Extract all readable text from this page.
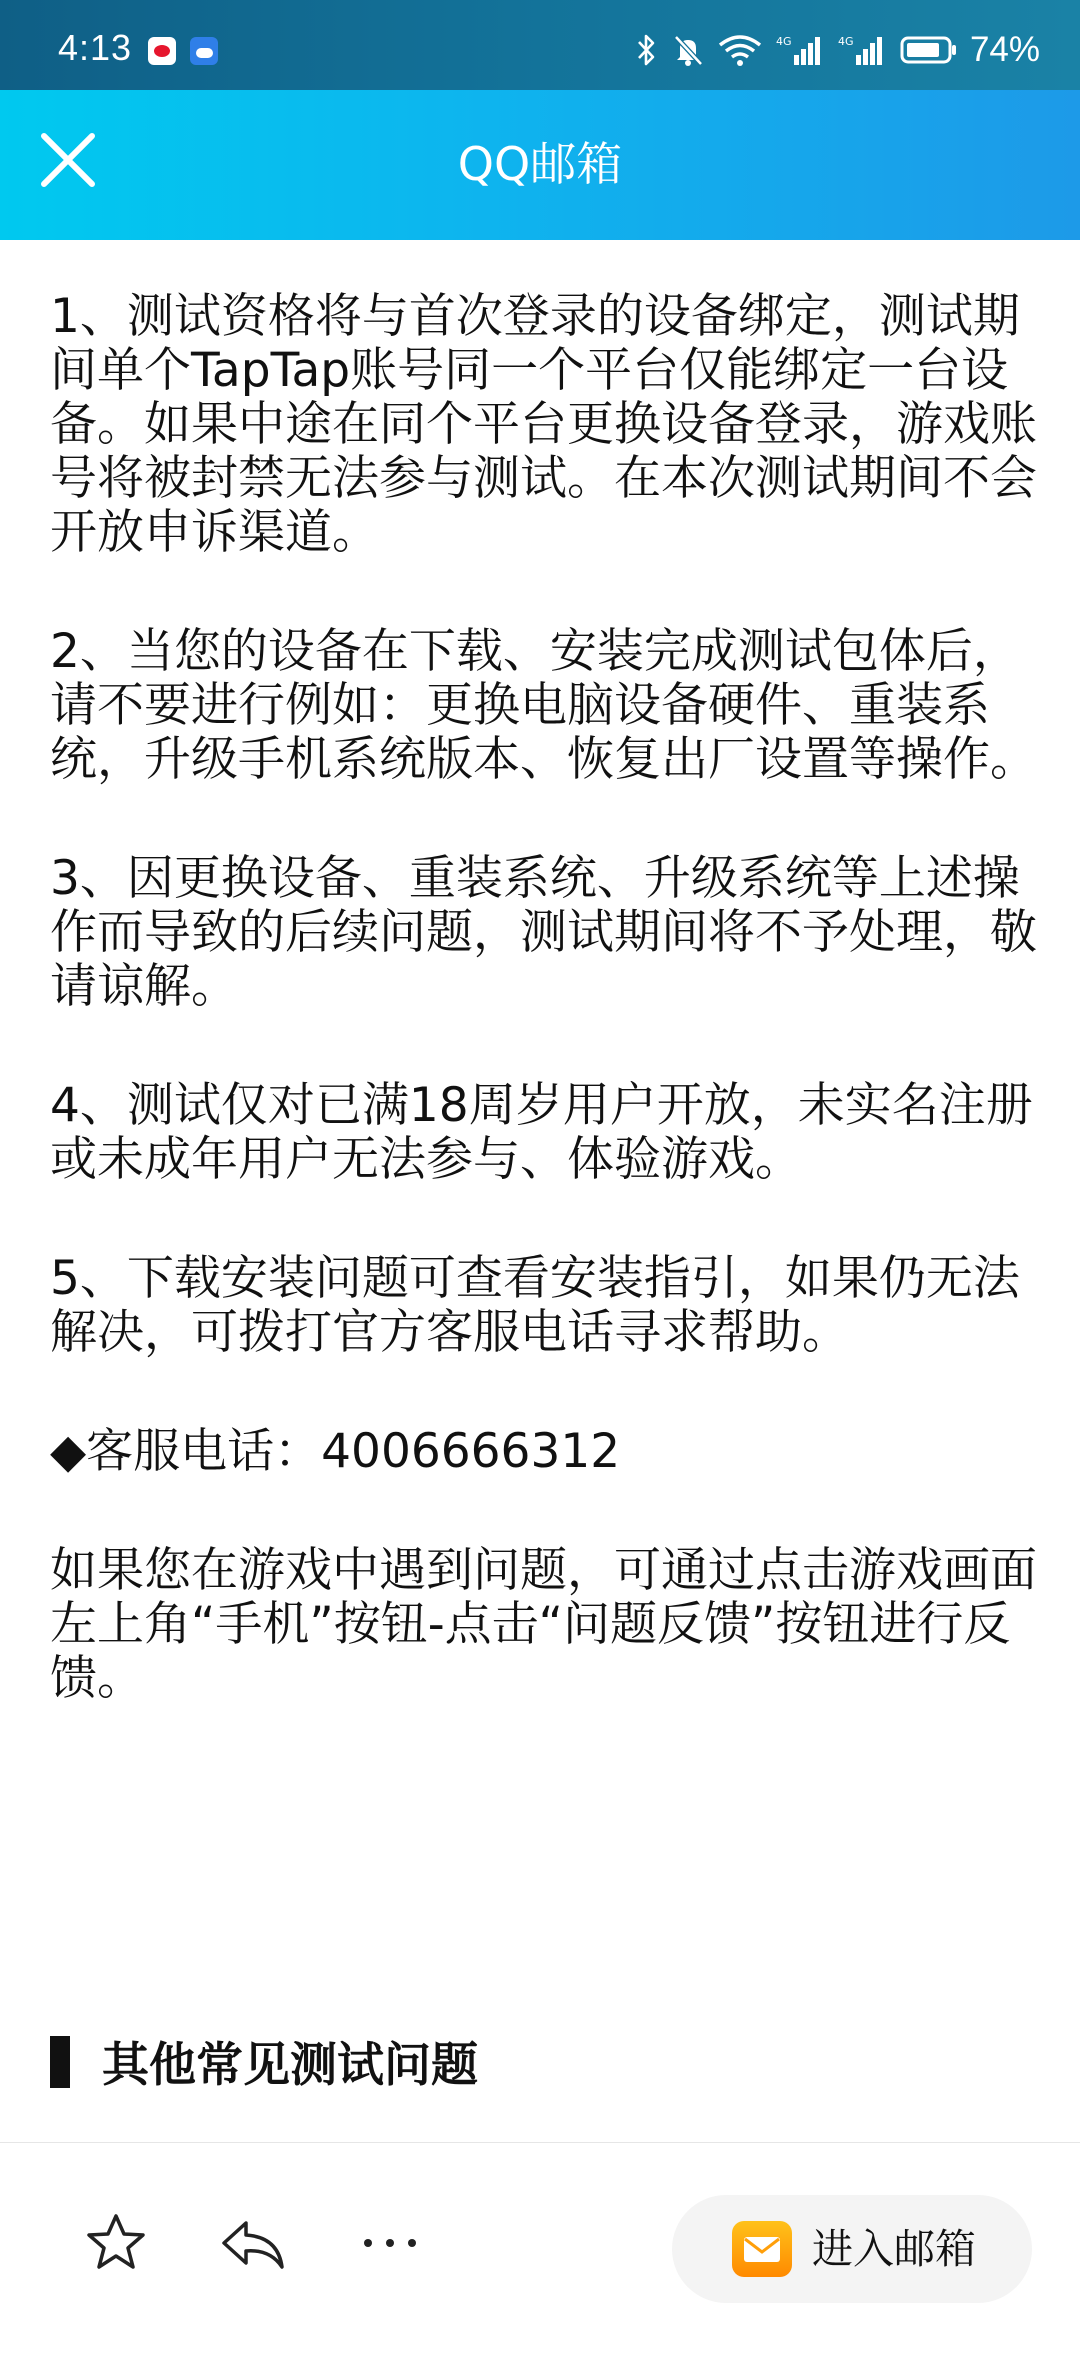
4:13	4G	4G	74%
QQ邮箱

1、测试资格将与首次登录的设备绑定，测试期间单个TapTap账号同一个平台仅能绑定一台设备。如果中途在同个平台更换设备登录，游戏账号将被封禁无法参与测试。在本次测试期间不会开放申诉渠道。

2、当您的设备在下载、安装完成测试包体后，请不要进行例如：更换电脑设备硬件、重装系统，升级手机系统版本、恢复出厂设置等操作。

3、因更换设备、重装系统、升级系统等上述操作而导致的后续问题，测试期间将不予处理，敬请谅解。

4、测试仅对已满18周岁用户开放，未实名注册或未成年用户无法参与、体验游戏。

5、下载安装问题可查看安装指引，如果仍无法解决，可拨打官方客服电话寻求帮助。

◆客服电话：4006666312

如果您在游戏中遇到问题，可通过点击游戏画面左上角“手机”按钮-点击“问题反馈”按钮进行反馈。

其他常见测试问题
进入邮箱
